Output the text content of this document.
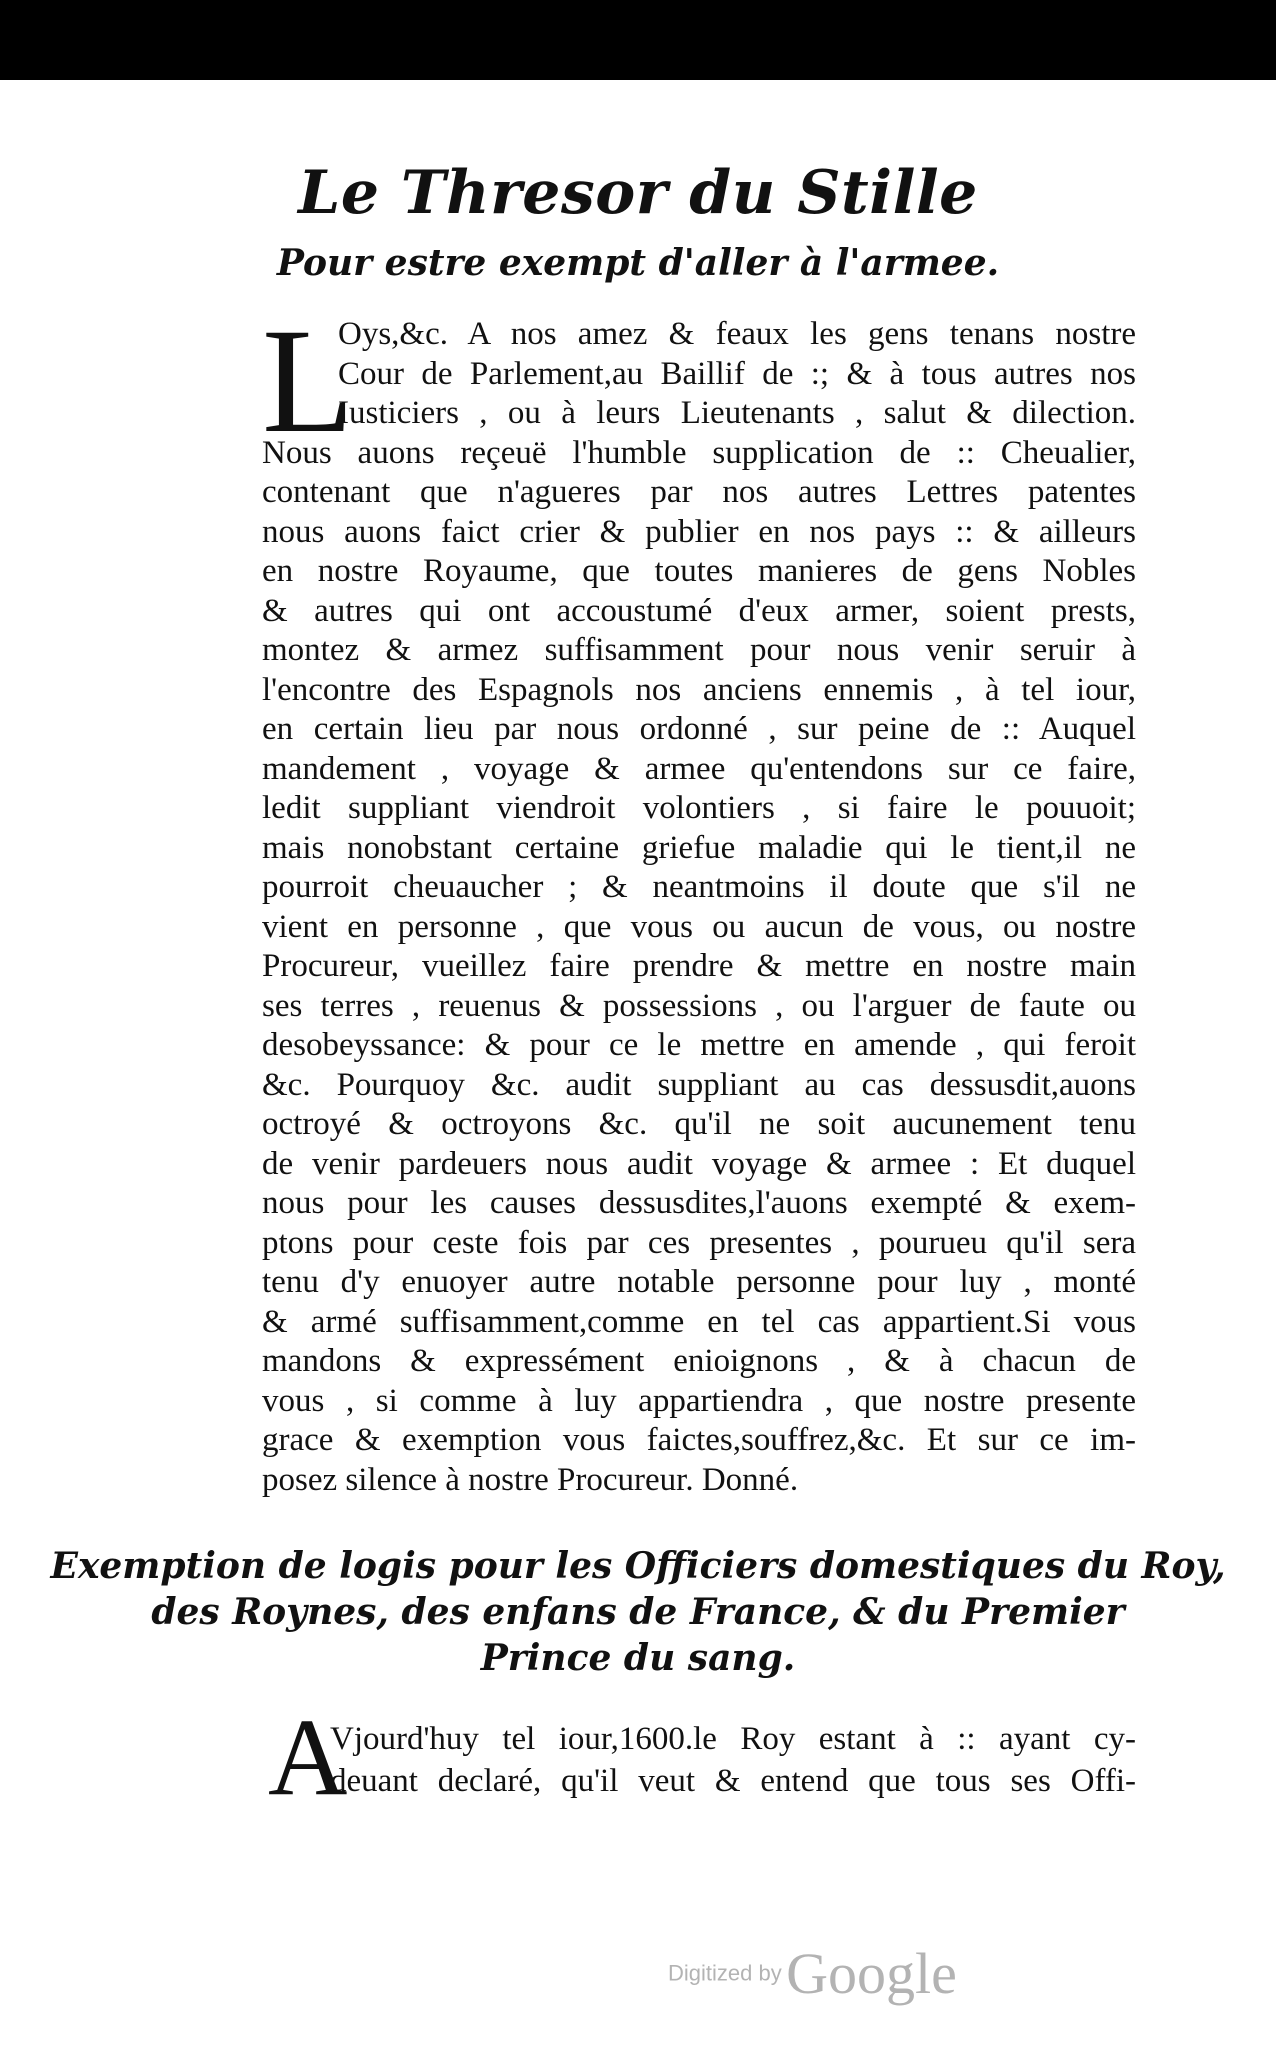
Le Thresor du Stille
Pour estre exempt d'aller à l'armee.
L
Oys,&c. A nos amez & feaux les gens tenans nostre
Cour de Parlement,au Baillif de :; & à tous autres nos
Iusticiers , ou à leurs Lieutenants , salut & dilection.
Nous auons reçeuë l'humble supplication de :: Cheualier,
contenant que n'agueres par nos autres Lettres patentes
nous auons faict crier & publier en nos pays :: & ailleurs
en nostre Royaume, que toutes manieres de gens Nobles
& autres qui ont accoustumé d'eux armer, soient prests,
montez & armez suffisamment pour nous venir seruir à
l'encontre des Espagnols nos anciens ennemis , à tel iour,
en certain lieu par nous ordonné , sur peine de :: Auquel
mandement , voyage & armee qu'entendons sur ce faire,
ledit suppliant viendroit volontiers , si faire le pouuoit;
mais nonobstant certaine griefue maladie qui le tient,il ne
pourroit cheuaucher ; & neantmoins il doute que s'il ne
vient en personne , que vous ou aucun de vous, ou nostre
Procureur, vueillez faire prendre & mettre en nostre main
ses terres , reuenus & possessions , ou l'arguer de faute ou
desobeyssance: & pour ce le mettre en amende , qui feroit
&c. Pourquoy &c. audit suppliant au cas dessusdit,auons
octroyé & octroyons &c. qu'il ne soit aucunement tenu
de venir pardeuers nous audit voyage & armee : Et duquel
nous pour les causes dessusdites,l'auons exempté & exem-
ptons pour ceste fois par ces presentes , pourueu qu'il sera
tenu d'y enuoyer autre notable personne pour luy , monté
& armé suffisamment,comme en tel cas appartient.Si vous
mandons & expressément enioignons , & à chacun de
vous , si comme à luy appartiendra , que nostre presente
grace & exemption vous faictes,souffrez,&c. Et sur ce im-
posez silence à nostre Procureur. Donné.
Exemption de logis pour les Officiers domestiques du Roy,
des Roynes, des enfans de France, & du Premier
Prince du sang.
A
Vjourd'huy tel iour,1600.le Roy estant à :: ayant cy-
deuant declaré, qu'il veut & entend que tous ses Offi-
Digitized by Google
